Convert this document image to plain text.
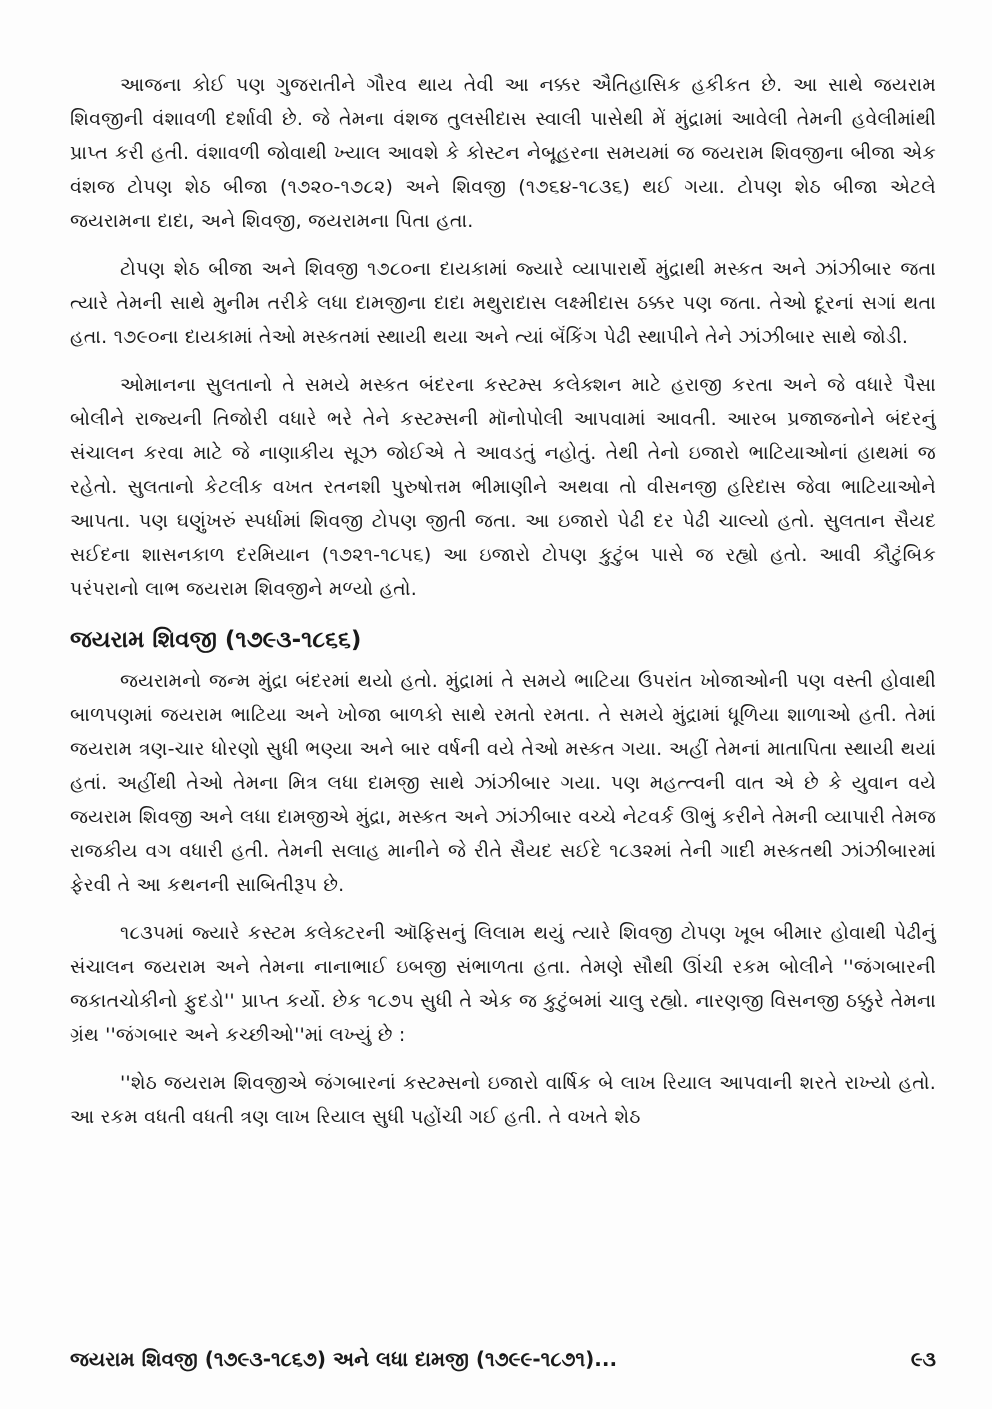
આજના કોઈ પણ ગુજરાતીને ગૌરવ થાય તેવી આ નક્કર ઐતિહાસિક હકીકત છે. આ સાથે જયરામ શિવજીની વંશાવળી દર્શાવી છે. જે તેમના વંશજ તુલસીદાસ સ્વાલી પાસેથી મેં મુંદ્રામાં આવેલી તેમની હવેલીમાંથી પ્રાપ્ત કરી હતી. વંશાવળી જોવાથી ખ્યાલ આવશે કે કોસ્ટન નેબૂહરના સમયમાં જ જયરામ શિવજીના બીજા એક વંશજ ટોપણ શેઠ બીજા (૧૭૨૦-૧૭૮૨) અને શિવજી (૧૭૬૪-૧૮૩૬) થઈ ગયા. ટોપણ શેઠ બીજા એટલે જયરામના દાદા, અને શિવજી, જયરામના પિતા હતા.

ટોપણ શેઠ બીજા અને શિવજી ૧૭૮૦ના દાયકામાં જ્યારે વ્યાપારાર્થે મુંદ્રાથી મસ્કત અને ઝાંઝીબાર જતા ત્યારે તેમની સાથે મુનીમ તરીકે લધા દામજીના દાદા મથુરાદાસ લક્ષ્મીદાસ ઠક્કર પણ જતા. તેઓ દૂરનાં સગાં થતા હતા. ૧૭૯૦ના દાયકામાં તેઓ મસ્કતમાં સ્થાયી થયા અને ત્યાં બૅંકિંગ પેઢી સ્થાપીને તેને ઝાંઝીબાર સાથે જોડી.

ઓમાનના સુલતાનો તે સમયે મસ્કત બંદરના કસ્ટમ્સ કલેક્શન માટે હરાજી કરતા અને જે વધારે પૈસા બોલીને રાજ્યની તિજોરી વધારે ભરે તેને કસ્ટમ્સની મૉનોપોલી આપવામાં આવતી. આરબ પ્રજાજનોને બંદરનું સંચાલન કરવા માટે જે નાણાકીય સૂઝ જોઈએ તે આવડતું નહોતું. તેથી તેનો ઇજારો ભાટિયાઓનાં હાથમાં જ રહેતો. સુલતાનો કેટલીક વખત રતનશી પુરુષોત્તમ ભીમાણીને અથવા તો વીસનજી હરિદાસ જેવા ભાટિયાઓને આપતા. પણ ઘણુંખરું સ્પર્ધામાં શિવજી ટોપણ જીતી જતા. આ ઇજારો પેઢી દર પેઢી ચાલ્યો હતો. સુલતાન સૈયદ સઈદના શાસનકાળ દરમિયાન (૧૭૨૧-૧૮૫૬) આ ઇજારો ટોપણ કુટુંબ પાસે જ રહ્યો હતો. આવી કૌટુંબિક પરંપરાનો લાભ જયરામ શિવજીને મળ્યો હતો.

જયરામ શિવજી (૧૭૯૩-૧૮૬૬)

જયરામનો જન્મ મુંદ્રા બંદરમાં થયો હતો. મુંદ્રામાં તે સમયે ભાટિયા ઉપરાંત ખોજાઓની પણ વસ્તી હોવાથી બાળપણમાં જયરામ ભાટિયા અને ખોજા બાળકો સાથે રમતો રમતા. તે સમયે મુંદ્રામાં ધૂળિયા શાળાઓ હતી. તેમાં જયરામ ત્રણ-ચાર ધોરણો સુધી ભણ્યા અને બાર વર્ષની વયે તેઓ મસ્કત ગયા. અહીં તેમનાં માતાપિતા સ્થાયી થયાં હતાં. અહીંથી તેઓ તેમના મિત્ર લધા દામજી સાથે ઝાંઝીબાર ગયા. પણ મહત્ત્વની વાત એ છે કે યુવાન વયે જયરામ શિવજી અને લધા દામજીએ મુંદ્રા, મસ્કત અને ઝાંઝીબાર વચ્ચે નેટવર્ક ઊભું કરીને તેમની વ્યાપારી તેમજ રાજકીય વગ વધારી હતી. તેમની સલાહ માનીને જે રીતે સૈયદ સઈદે ૧૮૩૨માં તેની ગાદી મસ્કતથી ઝાંઝીબારમાં ફેરવી તે આ કથનની સાબિતીરૂપ છે.

૧૮૩૫માં જ્યારે કસ્ટમ કલેક્ટરની ઑફિસનું લિલામ થયું ત્યારે શિવજી ટોપણ ખૂબ બીમાર હોવાથી પેઢીનું સંચાલન જયરામ અને તેમના નાનાભાઈ ઇબજી સંભાળતા હતા. તેમણે સૌથી ઊંચી રકમ બોલીને ''જંગબારની જકાતચોકીનો ફુદડો'' પ્રાપ્ત કર્યો. છેક ૧૮૭૫ સુધી તે એક જ કુટુંબમાં ચાલુ રહ્યો. નારણજી વિસનજી ઠક્કુરે તેમના ગ્રંથ ''જંગબાર અને કચ્છીઓ''માં લખ્યું છે :

''શેઠ જયરામ શિવજીએ જંગબારનાં કસ્ટમ્સનો ઇજારો વાર્ષિક બે લાખ રિયાલ આપવાની શરતે રાખ્યો હતો. આ રકમ વધતી વધતી ત્રણ લાખ રિયાલ સુધી પહોંચી ગઈ હતી. તે વખતે શેઠ

જયરામ શિવજી (૧૭૯૩-૧૮૬૭) અને લધા દામજી (૧૭૯૯-૧૮૭૧)...	૯૩
